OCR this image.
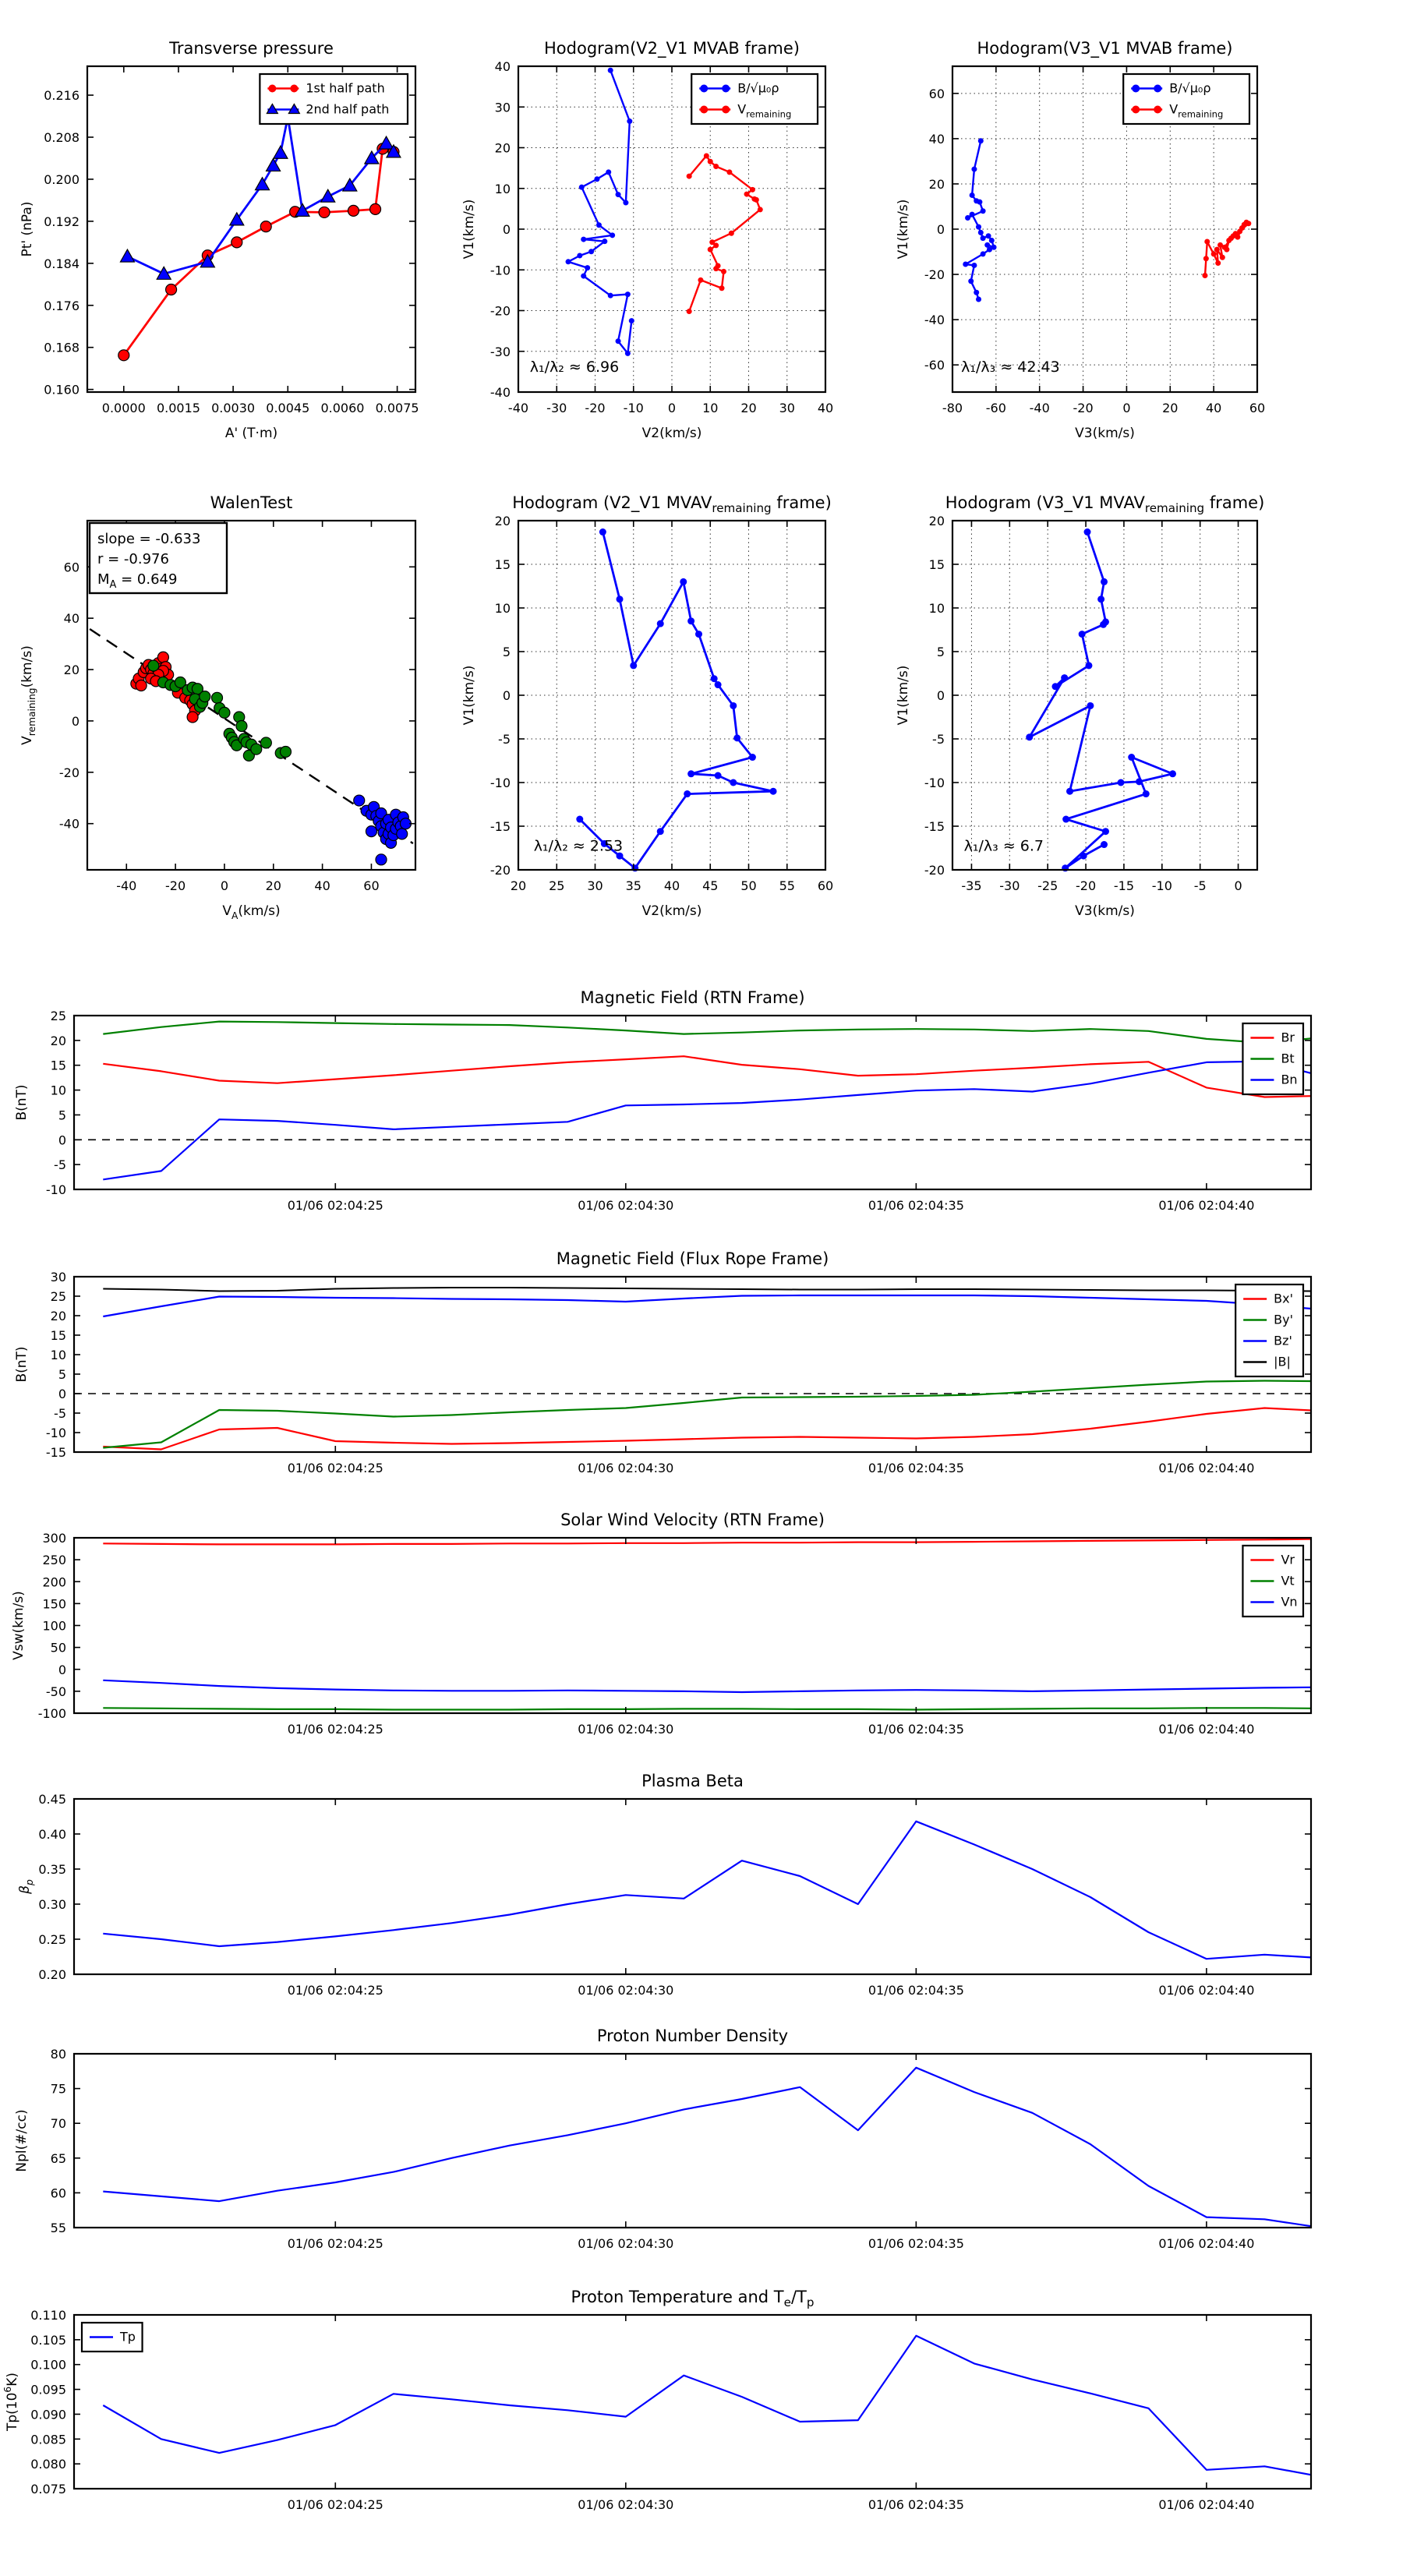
0.0000 0.0015 0.0030 0.0045 0.0060 0.0075
0.160
0.168
0.176
0.184
0.192
0.200
0.208
0.216
Transverse pressure
A' (T·m)
Pt' (nPa)
1st half path
2nd half path
-40 -30 -20 -10 0 10 20 30 40
-40
-30
-20
-10
0
10
20
30
40
Hodogram(V2_V1 MVAB frame)
V2(km/s)
V1(km/s)
B/√μ₀ρ
$V_{remaining}$
λ₁/λ₂ ≈ 6.96
-80 -60 -40 -20 0	20 40 60
-60
-40
-20
0
20
40
60
Hodogram(V3_V1 MVAB frame)
V3(km/s)
V1(km/s)
B/√μ₀ρ
$V_{remaining}$
λ₁/λ₃ ≈ 42.43
-40 -20	0	20	40	60
-40
-20
0
20
40
60
WalenTest
$V_A(km/s)$
$V_{remaining}(km/s)$
slope = -0.633
r = -0.976
$M_A = 0.649$
20 25 30 35 40 45 50 55 60
-20
-15
-10
-5
0
5
10
15
20
Hodogram (V2_V1 $MVAV_{remaining}$ frame)
V2(km/s)
V1(km/s)
λ₁/λ₂ ≈ 2.53
-35 -30 -25 -20 -15 -10 -5 0
-20
-15
-10
-5
0
5
10
15
20
Hodogram (V3_V1 $MVAV_{remaining}$ frame)
V3(km/s)
V1(km/s)
λ₁/λ₃ ≈ 6.7
01/06 02:04:25	01/06 02:04:30	01/06 02:04:35	01/06 02:04:40
-10
-5
0
5
10
15
20
25
Magnetic Field (RTN Frame)
B(nT)
Br
Bt
Bn
01/06 02:04:25	01/06 02:04:30	01/06 02:04:35	01/06 02:04:40
-15
-10
-5
0
5
10
15
20
25
30
Magnetic Field (Flux Rope Frame)
B(nT)
Bx'
By'
Bz'
|B|
01/06 02:04:25	01/06 02:04:30	01/06 02:04:35	01/06 02:04:40
-100
-50
0
50
100
150
200
250
300
Solar Wind Velocity (RTN Frame)
Vsw(km/s)
Vr
Vt
Vn
01/06 02:04:25	01/06 02:04:30	01/06 02:04:35	01/06 02:04:40
0.20
0.25
0.30
0.35
0.40
0.45
Plasma Beta
$\beta_p$
01/06 02:04:25	01/06 02:04:30	01/06 02:04:35	01/06 02:04:40
55
60
65
70
75
80
Proton Number Density
Npl(#/cc)
01/06 02:04:25	01/06 02:04:30	01/06 02:04:35	01/06 02:04:40
0.075
0.080
0.085
0.090
0.095
0.100
0.105
0.110
Proton Temperature and $T_e/T_p$
$Tp(10^6K)$
Tp
